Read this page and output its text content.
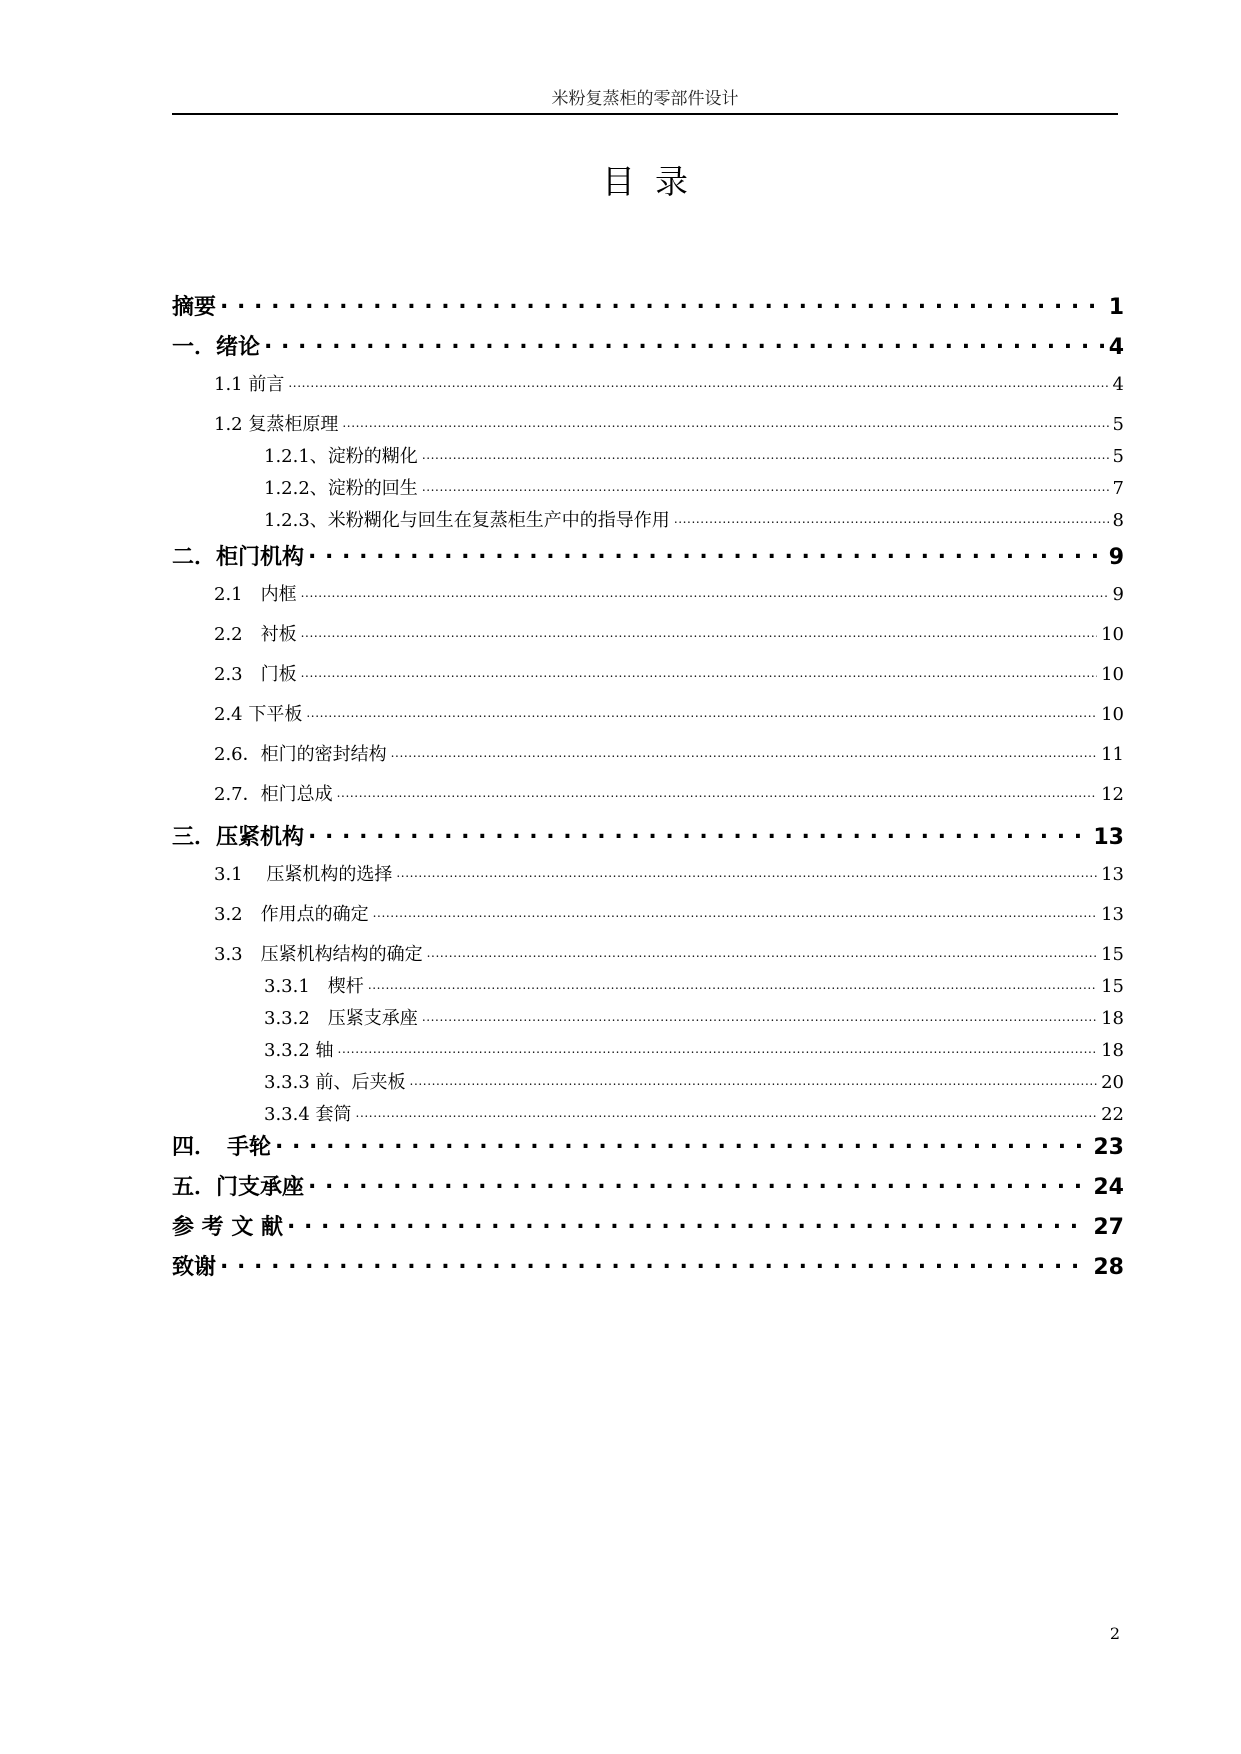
米粉复蒸柜的零部件设计
目录
摘要 . . .	1
一．绪论 . . .	4
1.1 前言 .....	4
1.2 复蒸柜原理 .....	5
1.2.1、淀粉的糊化 .....	5
1.2.2、淀粉的回生 .....	7
1.2.3、米粉糊化与回生在复蒸柜生产中的指导作用 .....	8
二．柜门机构 . . .	9
2.1　内框 .....	9
2.2　衬板 .....	10
2.3　门板 .....	10
2.4 下平板 .....	10
2.6．柜门的密封结构 .....	11
2.7．柜门总成 .....	12
三．压紧机构 . . .	13
3.1　 压紧机构的选择 .....	13
3.2　作用点的确定 .....	13
3.3　压紧机构结构的确定 .....	15
3.3.1　楔杆 .....	15
3.3.2　压紧支承座 .....	18
3.3.2 轴 .....	18
3.3.3 前、后夹板 .....	20
3.3.4 套筒 .....	22
四．　手轮 . . .	23
五．门支承座 . . .	24
参 考 文 献 . . .	27
致谢 . . .	28
2
